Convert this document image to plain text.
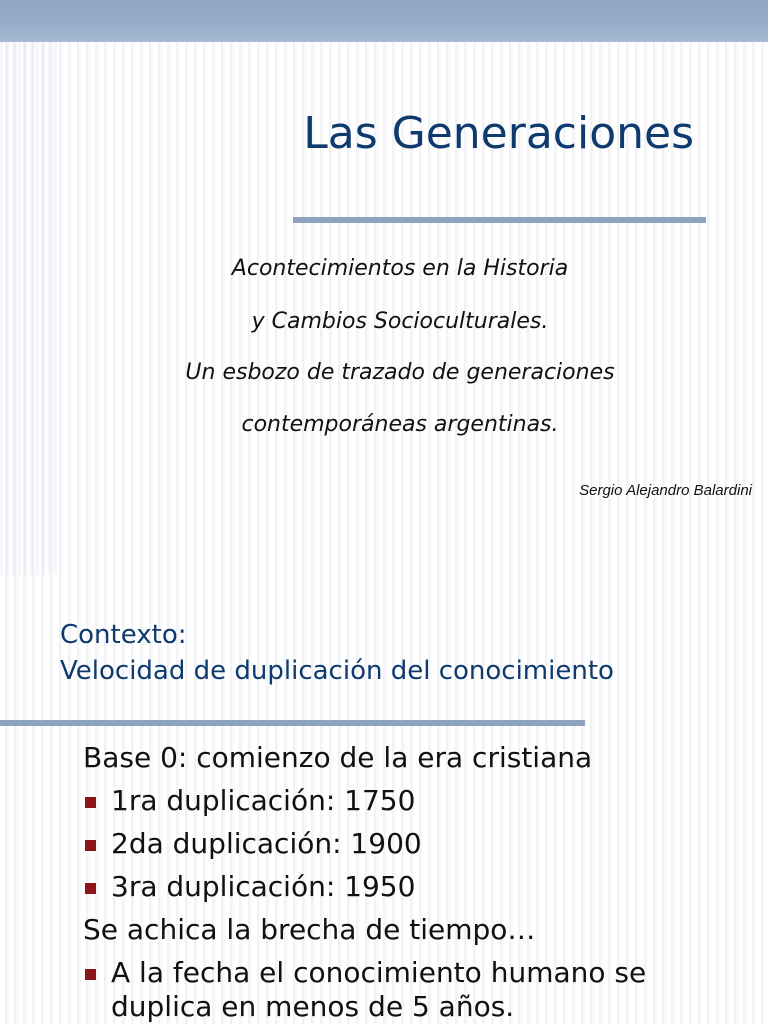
Las Generaciones

Acontecimientos en la Historia

y Cambios Socioculturales.

Un esbozo de trazado de generaciones

contemporáneas argentinas.

Sergio Alejandro Balardini
Contexto:
Velocidad de duplicación del conocimiento

Base 0: comienzo de la era cristiana

1ra duplicación: 1750

2da duplicación: 1900

3ra duplicación: 1950

Se achica la brecha de tiempo…

A la fecha el conocimiento humano se

duplica en menos de 5 años.
